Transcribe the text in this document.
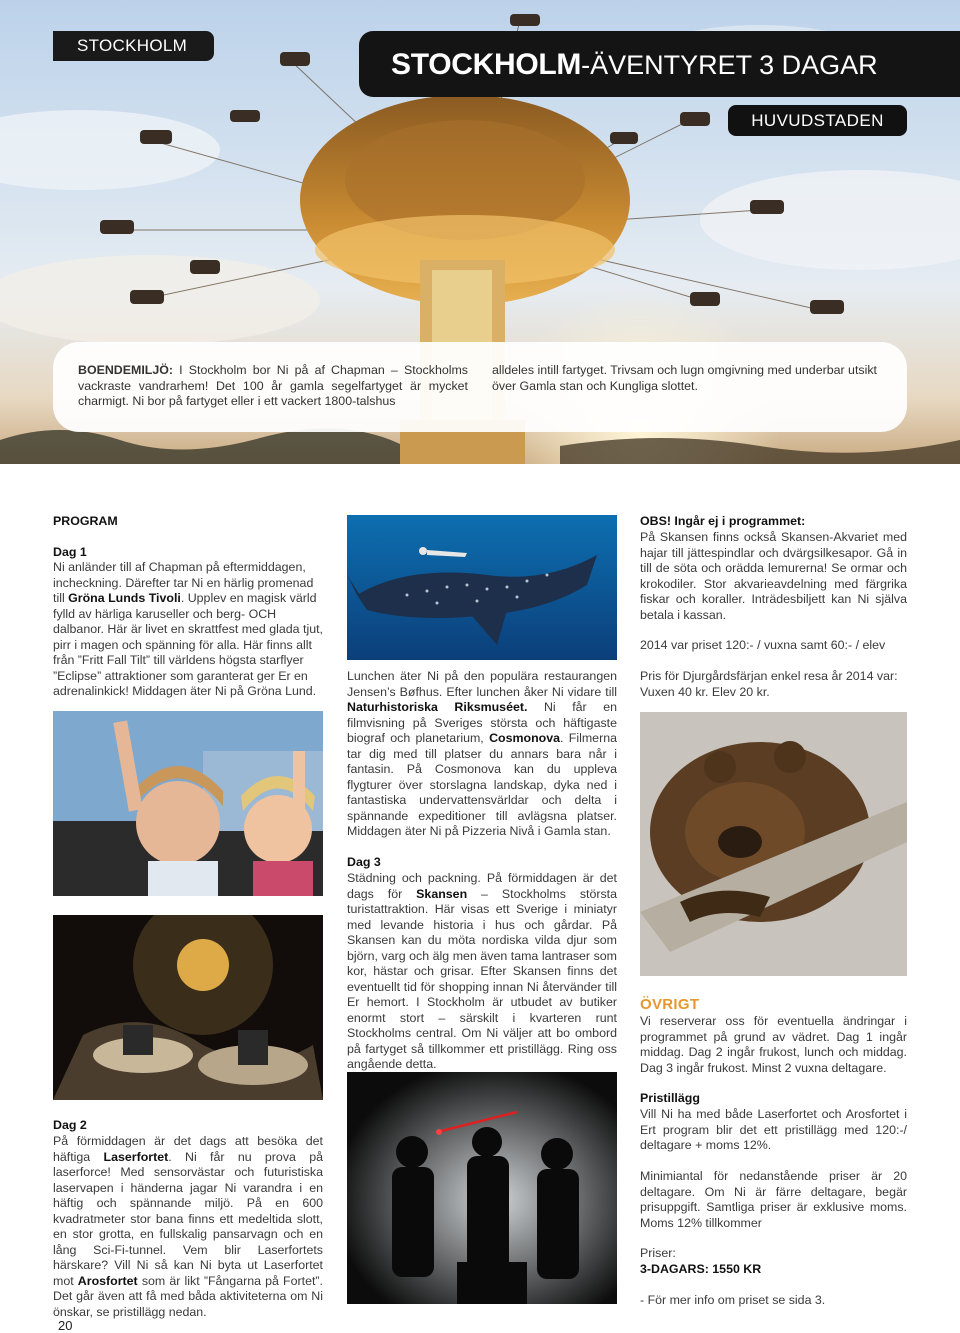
STOCKHOLM
STOCKHOLM-ÄVENTYRET 3 DAGAR
HUVUDSTADEN
BOENDEMILJÖ: I Stockholm bor Ni på af Chapman – Stockholms vackraste vandrarhem! Det 100 år gamla segelfartyget är mycket charmigt. Ni bor på fartyget eller i ett vackert 1800-talshus
alldeles intill fartyget. Trivsam och lugn omgivning med underbar utsikt över Gamla stan och Kungliga slottet.
PROGRAM
Dag 1
Ni anländer till af Chapman på eftermiddagen, incheckning. Därefter tar Ni en härlig promenad till Gröna Lunds Tivoli. Upplev en magisk värld fylld av härliga karuseller och berg- OCH dalbanor. Här är livet en skrattfest med glada tjut, pirr i magen och spänning för alla. Här finns allt från ”Fritt Fall Tilt” till världens högsta starflyer ”Eclipse” attraktioner som garanterat ger Er en adrenalinkick! Middagen äter Ni på Gröna Lund.
Dag 2
På förmiddagen är det dags att besöka det häftiga Laserfortet. Ni får nu prova på laserforce! Med sensorvästar och futuristiska laservapen i händerna jagar Ni varandra i en häftig och spännande miljö. På en 600 kvadratmeter stor bana finns ett medeltida slott, en stor grotta, en fullskalig pansarvagn och en lång Sci-Fi-tunnel. Vem blir Laserfortets härskare? Vill Ni så kan Ni byta ut Laserfortet mot Arosfortet som är likt ”Fångarna på Fortet”. Det går även att få med båda aktiviteterna om Ni önskar, se pristillägg nedan.
Lunchen äter Ni på den populära restaurangen Jensen’s Bøfhus. Efter lunchen åker Ni vidare till Naturhistoriska Riksmuséet. Ni får en filmvisning på Sveriges största och häftigaste biograf och planetarium, Cosmonova. Filmerna tar dig med till platser du annars bara når i fantasin. På Cosmonova kan du uppleva flygturer över storslagna landskap, dyka ned i fantastiska undervattensvärldar och delta i spännande expeditioner till avlägsna platser. Middagen äter Ni på Pizzeria Nivå i Gamla stan.
Dag 3
Städning och packning. På förmiddagen är det dags för Skansen – Stockholms största turistattraktion. Här visas ett Sverige i miniatyr med levande historia i hus och gårdar. På Skansen kan du möta nordiska vilda djur som björn, varg och älg men även tama lantraser som kor, hästar och grisar. Efter Skansen finns det eventuellt tid för shopping innan Ni återvänder till Er hemort. I Stockholm är utbudet av butiker enormt stort – särskilt i kvarteren runt Stockholms central. Om Ni väljer att bo ombord på fartyget så tillkommer ett pristillägg. Ring oss angående detta.
OBS! Ingår ej i programmet:
På Skansen finns också Skansen-Akvariet med hajar till jättespindlar och dvärgsilkesapor. Gå in till de söta och orädda lemurerna! Se ormar och krokodiler. Stor akvarieavdelning med färgrika fiskar och koraller. Inträdesbiljett kan Ni själva betala i kassan.
2014 var priset 120:- / vuxna samt 60:- / elev
Pris för Djurgårdsfärjan enkel resa år 2014 var: Vuxen 40 kr. Elev 20 kr.
ÖVRIGT
Vi reserverar oss för eventuella ändringar i programmet på grund av vädret. Dag 1 ingår middag. Dag 2 ingår frukost, lunch och middag. Dag 3 ingår frukost. Minst 2 vuxna deltagare.
Pristillägg
Vill Ni ha med både Laserfortet och Arosfortet i Ert program blir det ett pristillägg med 120:-/ deltagare + moms 12%.
Minimiantal för nedanstående priser är 20 deltagare. Om Ni är färre deltagare, begär prisuppgift. Samtliga priser är exklusive moms. Moms 12% tillkommer
Priser:
3-DAGARS: 1550 KR
- För mer info om priset se sida 3.
20
